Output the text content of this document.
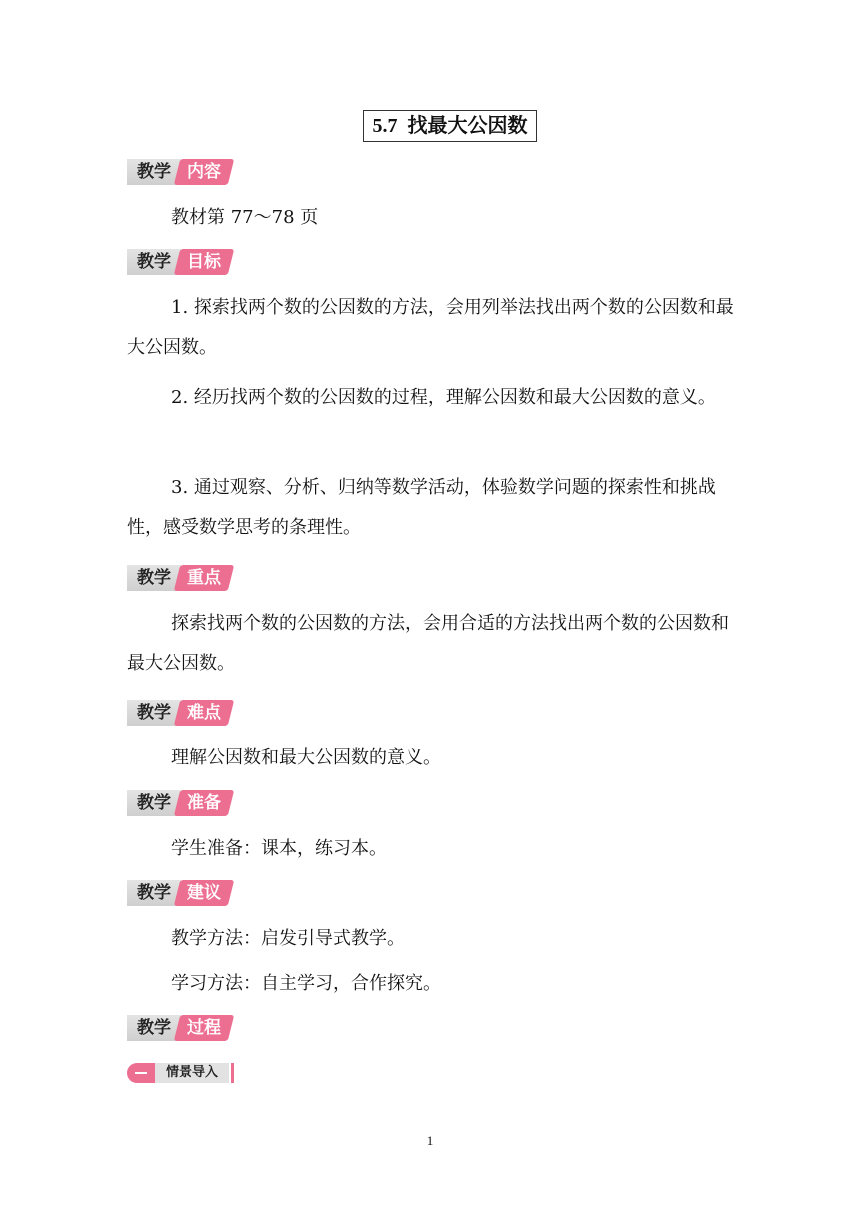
5.7 找最大公因数
教学 内容

教材第 77～78 页

教学 目标

1. 探索找两个数的公因数的方法，会用列举法找出两个数的公因数和最大公因数。

2. 经历找两个数的公因数的过程，理解公因数和最大公因数的意义。

3. 通过观察、分析、归纳等数学活动，体验数学问题的探索性和挑战性，感受数学思考的条理性。

教学 重点

探索找两个数的公因数的方法，会用合适的方法找出两个数的公因数和最大公因数。

教学 难点

理解公因数和最大公因数的意义。

教学 准备

学生准备：课本，练习本。

教学 建议

教学方法：启发引导式教学。

学习方法：自主学习，合作探究。

教学 过程
情景导入
1
